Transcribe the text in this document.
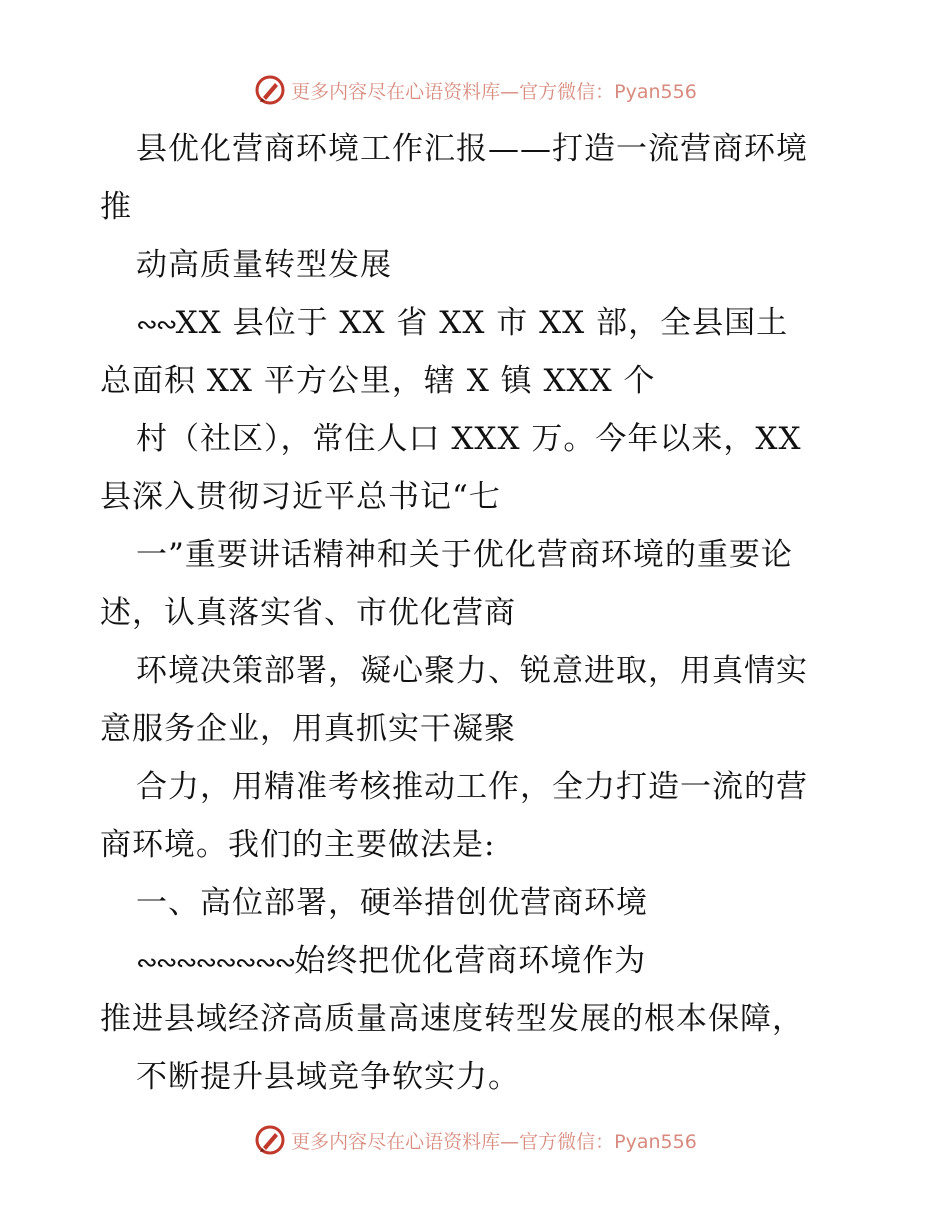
更多内容尽在心语资料库—官方微信：Pyan556
县优化营商环境工作汇报——打造一流营商环境
推
动高质量转型发展
∾∾XX 县位于 XX 省 XX 市 XX 部，全县国土
总面积 XX 平方公里，辖 X 镇 XXX 个
村（社区），常住人口 XXX 万。今年以来，XX
县深入贯彻习近平总书记“七
一”重要讲话精神和关于优化营商环境的重要论
述，认真落实省、市优化营商
环境决策部署，凝心聚力、锐意进取，用真情实
意服务企业，用真抓实干凝聚
合力，用精准考核推动工作，全力打造一流的营
商环境。我们的主要做法是:
一、高位部署，硬举措创优营商环境
∾∾∾∾∾∾∾∾始终把优化营商环境作为
推进县域经济高质量高速度转型发展的根本保障，
不断提升县域竞争软实力。
更多内容尽在心语资料库—官方微信：Pyan556
